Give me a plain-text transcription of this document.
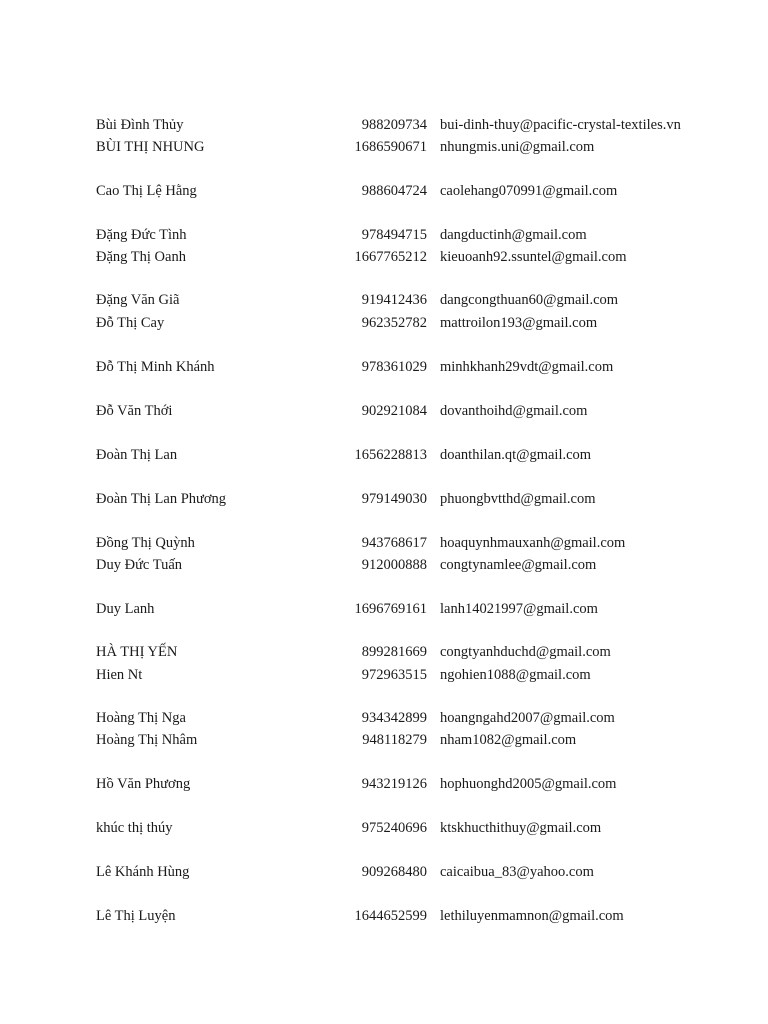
Bùi Đình Thủy	988209734 bui-dinh-thuy@pacific-crystal-textiles.vn
BÙI THỊ NHUNG	1686590671 nhungmis.uni@gmail.com
Cao Thị Lệ Hằng	988604724 caolehang070991@gmail.com
Đặng Đức Tình	978494715 dangductinh@gmail.com
Đặng Thị Oanh	1667765212 kieuoanh92.ssuntel@gmail.com
Đặng Văn Giã	919412436 dangcongthuan60@gmail.com
Đỗ Thị Cay	962352782 mattroilon193@gmail.com
Đỗ Thị Minh Khánh	978361029 minhkhanh29vdt@gmail.com
Đỗ Văn Thới	902921084 dovanthoihd@gmail.com
Đoàn Thị Lan	1656228813 doanthilan.qt@gmail.com
Đoàn Thị Lan Phương	979149030 phuongbvtthd@gmail.com
Đồng Thị Quỳnh	943768617 hoaquynhmauxanh@gmail.com
Duy Đức Tuấn	912000888 congtynamlee@gmail.com
Duy Lanh	1696769161 lanh14021997@gmail.com
HÀ THỊ YẾN	899281669 congtyanhduchd@gmail.com
Hien Nt	972963515 ngohien1088@gmail.com
Hoàng Thị Nga	934342899 hoangngahd2007@gmail.com
Hoàng Thị Nhâm	948118279 nham1082@gmail.com
Hồ Văn Phương	943219126 hophuonghd2005@gmail.com
khúc thị thúy	975240696 ktskhucthithuy@gmail.com
Lê Khánh Hùng	909268480 caicaibua_83@yahoo.com
Lê Thị Luyện	1644652599 lethiluyenmamnon@gmail.com
